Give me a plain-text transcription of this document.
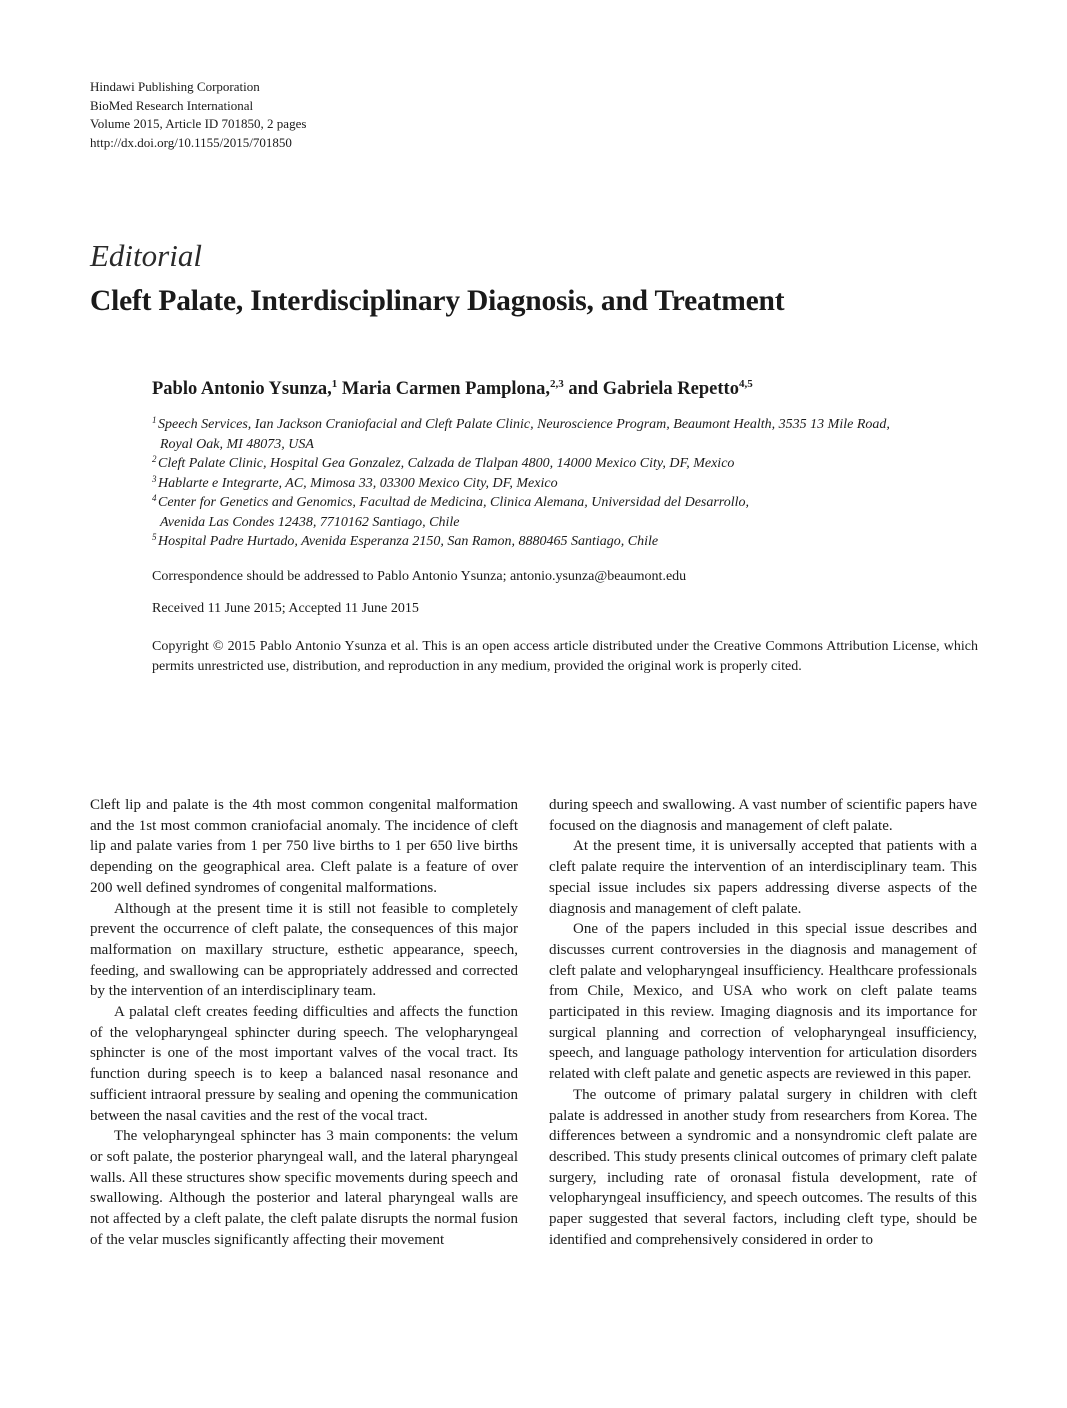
Hindawi Publishing Corporation
BioMed Research International
Volume 2015, Article ID 701850, 2 pages
http://dx.doi.org/10.1155/2015/701850
Editorial
Cleft Palate, Interdisciplinary Diagnosis, and Treatment
Pablo Antonio Ysunza,$^1$ Maria Carmen Pamplona,$^{2,3}$ and Gabriela Repetto$^{4,5}$
1 Speech Services, Ian Jackson Craniofacial and Cleft Palate Clinic, Neuroscience Program, Beaumont Health, 3535 13 Mile Road,
Royal Oak, MI 48073, USA
2 Cleft Palate Clinic, Hospital Gea Gonzalez, Calzada de Tlalpan 4800, 14000 Mexico City, DF, Mexico
3 Hablarte e Integrarte, AC, Mimosa 33, 03300 Mexico City, DF, Mexico
4 Center for Genetics and Genomics, Facultad de Medicina, Clinica Alemana, Universidad del Desarrollo,
Avenida Las Condes 12438, 7710162 Santiago, Chile
5 Hospital Padre Hurtado, Avenida Esperanza 2150, San Ramon, 8880465 Santiago, Chile
Correspondence should be addressed to Pablo Antonio Ysunza; antonio.ysunza@beaumont.edu
Received 11 June 2015; Accepted 11 June 2015
Copyright © 2015 Pablo Antonio Ysunza et al. This is an open access article distributed under the Creative Commons Attribution License, which permits unrestricted use, distribution, and reproduction in any medium, provided the original work is properly cited.

Cleft lip and palate is the 4th most common congenital malformation and the 1st most common craniofacial anomaly. The incidence of cleft lip and palate varies from 1 per 750 live births to 1 per 650 live births depending on the geographical area. Cleft palate is a feature of over 200 well defined syndromes of congenital malformations.

Although at the present time it is still not feasible to completely prevent the occurrence of cleft palate, the consequences of this major malformation on maxillary structure, esthetic appearance, speech, feeding, and swallowing can be appropriately addressed and corrected by the intervention of an interdisciplinary team.

A palatal cleft creates feeding difficulties and affects the function of the velopharyngeal sphincter during speech. The velopharyngeal sphincter is one of the most important valves of the vocal tract. Its function during speech is to keep a balanced nasal resonance and sufficient intraoral pressure by sealing and opening the communication between the nasal cavities and the rest of the vocal tract.

The velopharyngeal sphincter has 3 main components: the velum or soft palate, the posterior pharyngeal wall, and the lateral pharyngeal walls. All these structures show specific movements during speech and swallowing. Although the posterior and lateral pharyngeal walls are not affected by a cleft palate, the cleft palate disrupts the normal fusion of the velar muscles significantly affecting their movement

during speech and swallowing. A vast number of scientific papers have focused on the diagnosis and management of cleft palate.

At the present time, it is universally accepted that patients with a cleft palate require the intervention of an interdisciplinary team. This special issue includes six papers addressing diverse aspects of the diagnosis and management of cleft palate.

One of the papers included in this special issue describes and discusses current controversies in the diagnosis and management of cleft palate and velopharyngeal insufficiency. Healthcare professionals from Chile, Mexico, and USA who work on cleft palate teams participated in this review. Imaging diagnosis and its importance for surgical planning and correction of velopharyngeal insufficiency, speech, and language pathology intervention for articulation disorders related with cleft palate and genetic aspects are reviewed in this paper.

The outcome of primary palatal surgery in children with cleft palate is addressed in another study from researchers from Korea. The differences between a syndromic and a nonsyndromic cleft palate are described. This study presents clinical outcomes of primary cleft palate surgery, including rate of oronasal fistula development, rate of velopharyngeal insufficiency, and speech outcomes. The results of this paper suggested that several factors, including cleft type, should be identified and comprehensively considered in order to
